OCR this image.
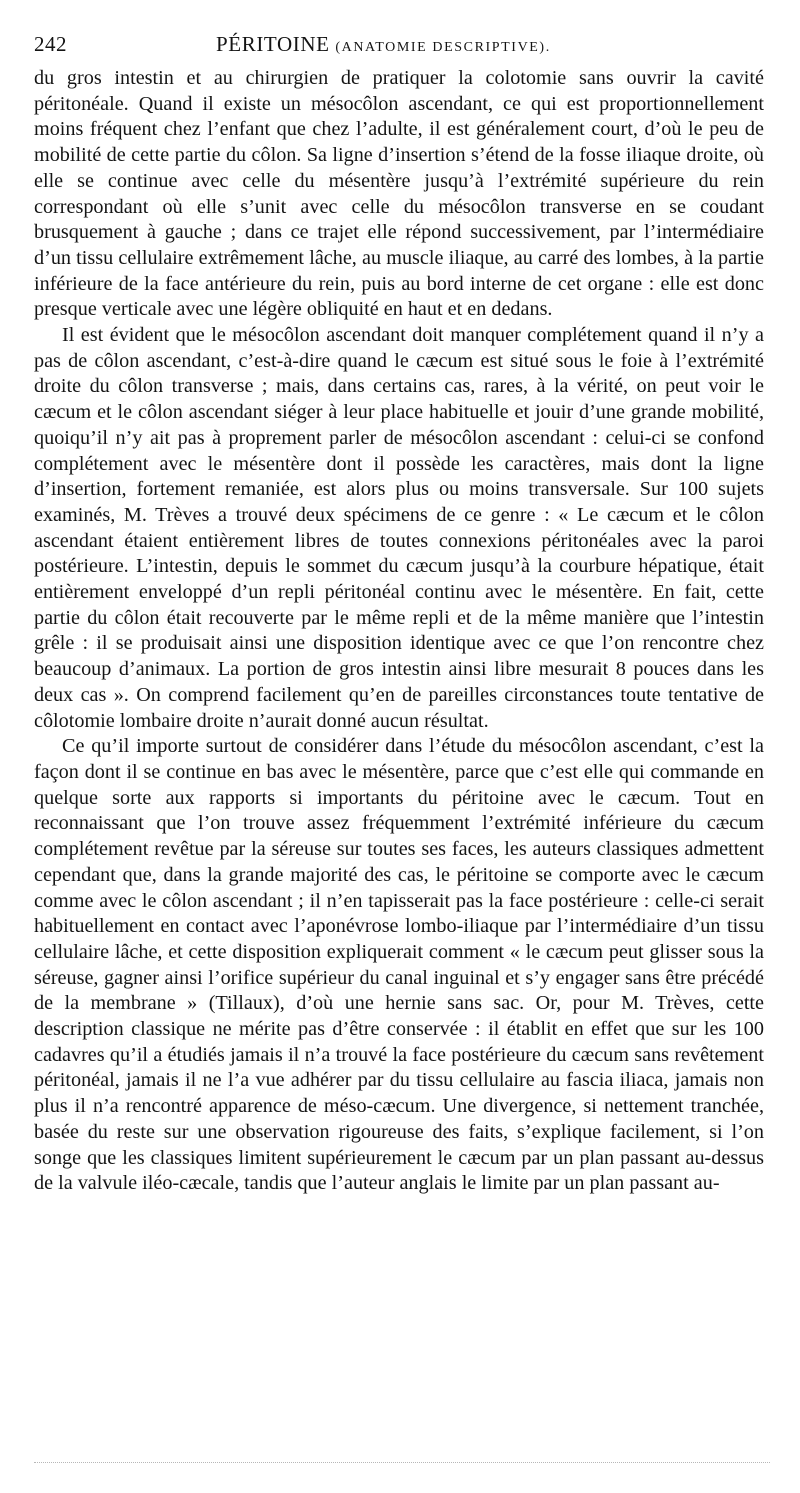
242	PÉRITOINE (ANATOMIE DESCRIPTIVE).

du gros intestin et au chirurgien de pratiquer la colotomie sans ouvrir la cavité péritonéale. Quand il existe un mésocôlon ascendant, ce qui est proportionnellement moins fréquent chez l’enfant que chez l’adulte, il est généralement court, d’où le peu de mobilité de cette partie du côlon. Sa ligne d’insertion s’étend de la fosse iliaque droite, où elle se continue avec celle du mésentère jusqu’à l’extrémité supérieure du rein correspondant où elle s’unit avec celle du mésocôlon transverse en se coudant brusquement à gauche ; dans ce trajet elle répond successivement, par l’intermédiaire d’un tissu cellulaire extrêmement lâche, au muscle iliaque, au carré des lombes, à la partie inférieure de la face antérieure du rein, puis au bord interne de cet organe : elle est donc presque verticale avec une légère obliquité en haut et en dedans.

Il est évident que le mésocôlon ascendant doit manquer complétement quand il n’y a pas de côlon ascendant, c’est-à-dire quand le cæcum est situé sous le foie à l’extrémité droite du côlon transverse ; mais, dans certains cas, rares, à la vérité, on peut voir le cæcum et le côlon ascendant siéger à leur place habituelle et jouir d’une grande mobilité, quoiqu’il n’y ait pas à proprement parler de mésocôlon ascendant : celui-ci se confond complétement avec le mésentère dont il possède les caractères, mais dont la ligne d’insertion, fortement remaniée, est alors plus ou moins transversale. Sur 100 sujets examinés, M. Trèves a trouvé deux spécimens de ce genre : « Le cæcum et le côlon ascendant étaient entièrement libres de toutes connexions péritonéales avec la paroi postérieure. L’intestin, depuis le sommet du cæcum jusqu’à la courbure hépatique, était entièrement enveloppé d’un repli péritonéal continu avec le mésentère. En fait, cette partie du côlon était recouverte par le même repli et de la même manière que l’intestin grêle : il se produisait ainsi une disposition identique avec ce que l’on rencontre chez beaucoup d’animaux. La portion de gros intestin ainsi libre mesurait 8 pouces dans les deux cas ». On comprend facilement qu’en de pareilles circonstances toute tentative de côlotomie lombaire droite n’aurait donné aucun résultat.

Ce qu’il importe surtout de considérer dans l’étude du mésocôlon ascendant, c’est la façon dont il se continue en bas avec le mésentère, parce que c’est elle qui commande en quelque sorte aux rapports si importants du péritoine avec le cæcum. Tout en reconnaissant que l’on trouve assez fréquemment l’extrémité inférieure du cæcum complétement revêtue par la séreuse sur toutes ses faces, les auteurs classiques admettent cependant que, dans la grande majorité des cas, le péritoine se comporte avec le cæcum comme avec le côlon ascendant ; il n’en tapisserait pas la face postérieure : celle-ci serait habituellement en contact avec l’aponévrose lombo-iliaque par l’intermédiaire d’un tissu cellulaire lâche, et cette disposition expliquerait comment « le cæcum peut glisser sous la séreuse, gagner ainsi l’orifice supérieur du canal inguinal et s’y engager sans être précédé de la membrane » (Tillaux), d’où une hernie sans sac. Or, pour M. Trèves, cette description classique ne mérite pas d’être conservée : il établit en effet que sur les 100 cadavres qu’il a étudiés jamais il n’a trouvé la face postérieure du cæcum sans revêtement péritonéal, jamais il ne l’a vue adhérer par du tissu cellulaire au fascia iliaca, jamais non plus il n’a rencontré apparence de méso-cæcum. Une divergence, si nettement tranchée, basée du reste sur une observation rigoureuse des faits, s’explique facilement, si l’on songe que les classiques limitent supérieurement le cæcum par un plan passant au-dessus de la valvule iléo-cæcale, tandis que l’auteur anglais le limite par un plan passant au-
